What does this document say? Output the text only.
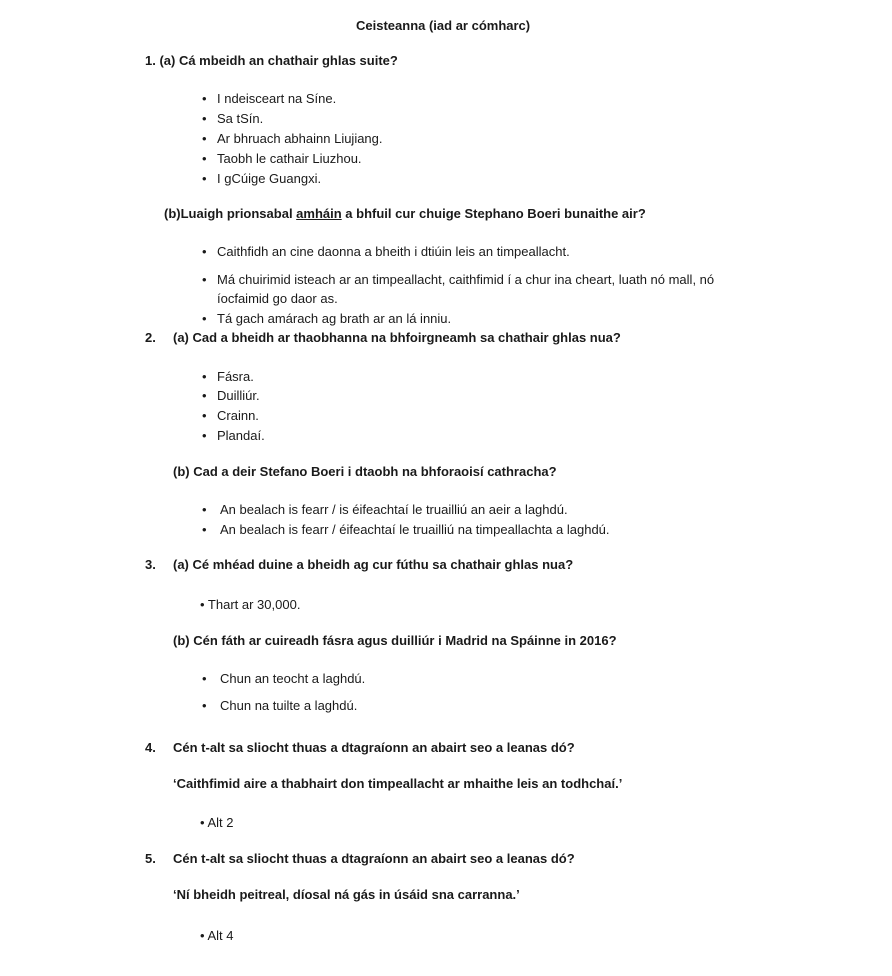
Ceisteanna (iad ar cómharc)
1. (a) Cá mbeidh an chathair ghlas suite?
• I ndeisceart na Síne.
• Sa tSín.
• Ar bhruach abhainn Liujiang.
• Taobh le cathair Liuzhou.
• I gCúige Guangxi.
(b)Luaigh prionsabal amháin a bhfuil cur chuige Stephano Boeri bunaithe air?
• Caithfidh an cine daonna a bheith i dtiúin leis an timpeallacht.
• Má chuirimid isteach ar an timpeallacht, caithfimid í a chur ina cheart, luath nó mall, nó
íocfaimid go daor as.
• Tá gach amárach ag brath ar an lá inniu.
2. (a) Cad a bheidh ar thaobhanna na bhfoirgneamh sa chathair ghlas nua?
• Fásra.
• Duilliúr.
• Crainn.
• Plandaí.
(b) Cad a deir Stefano Boeri i dtaobh na bhforaoisí cathracha?
• An bealach is fearr / is éifeachtaí le truailliú an aeir a laghdú.
• An bealach is fearr / éifeachtaí le truailliú na timpeallachta a laghdú.
3. (a) Cé mhéad duine a bheidh ag cur fúthu sa chathair ghlas nua?
• Thart ar 30,000.
(b) Cén fáth ar cuireadh fásra agus duilliúr i Madrid na Spáinne in 2016?
• Chun an teocht a laghdú.
• Chun na tuilte a laghdú.
4. Cén t-alt sa sliocht thuas a dtagraíonn an abairt seo a leanas dó?
‘Caithfimid aire a thabhairt don timpeallacht ar mhaithe leis an todhchaí.’
• Alt 2
5. Cén t-alt sa sliocht thuas a dtagraíonn an abairt seo a leanas dó?
‘Ní bheidh peitreal, díosal ná gás in úsáid sna carranna.’
• Alt 4
